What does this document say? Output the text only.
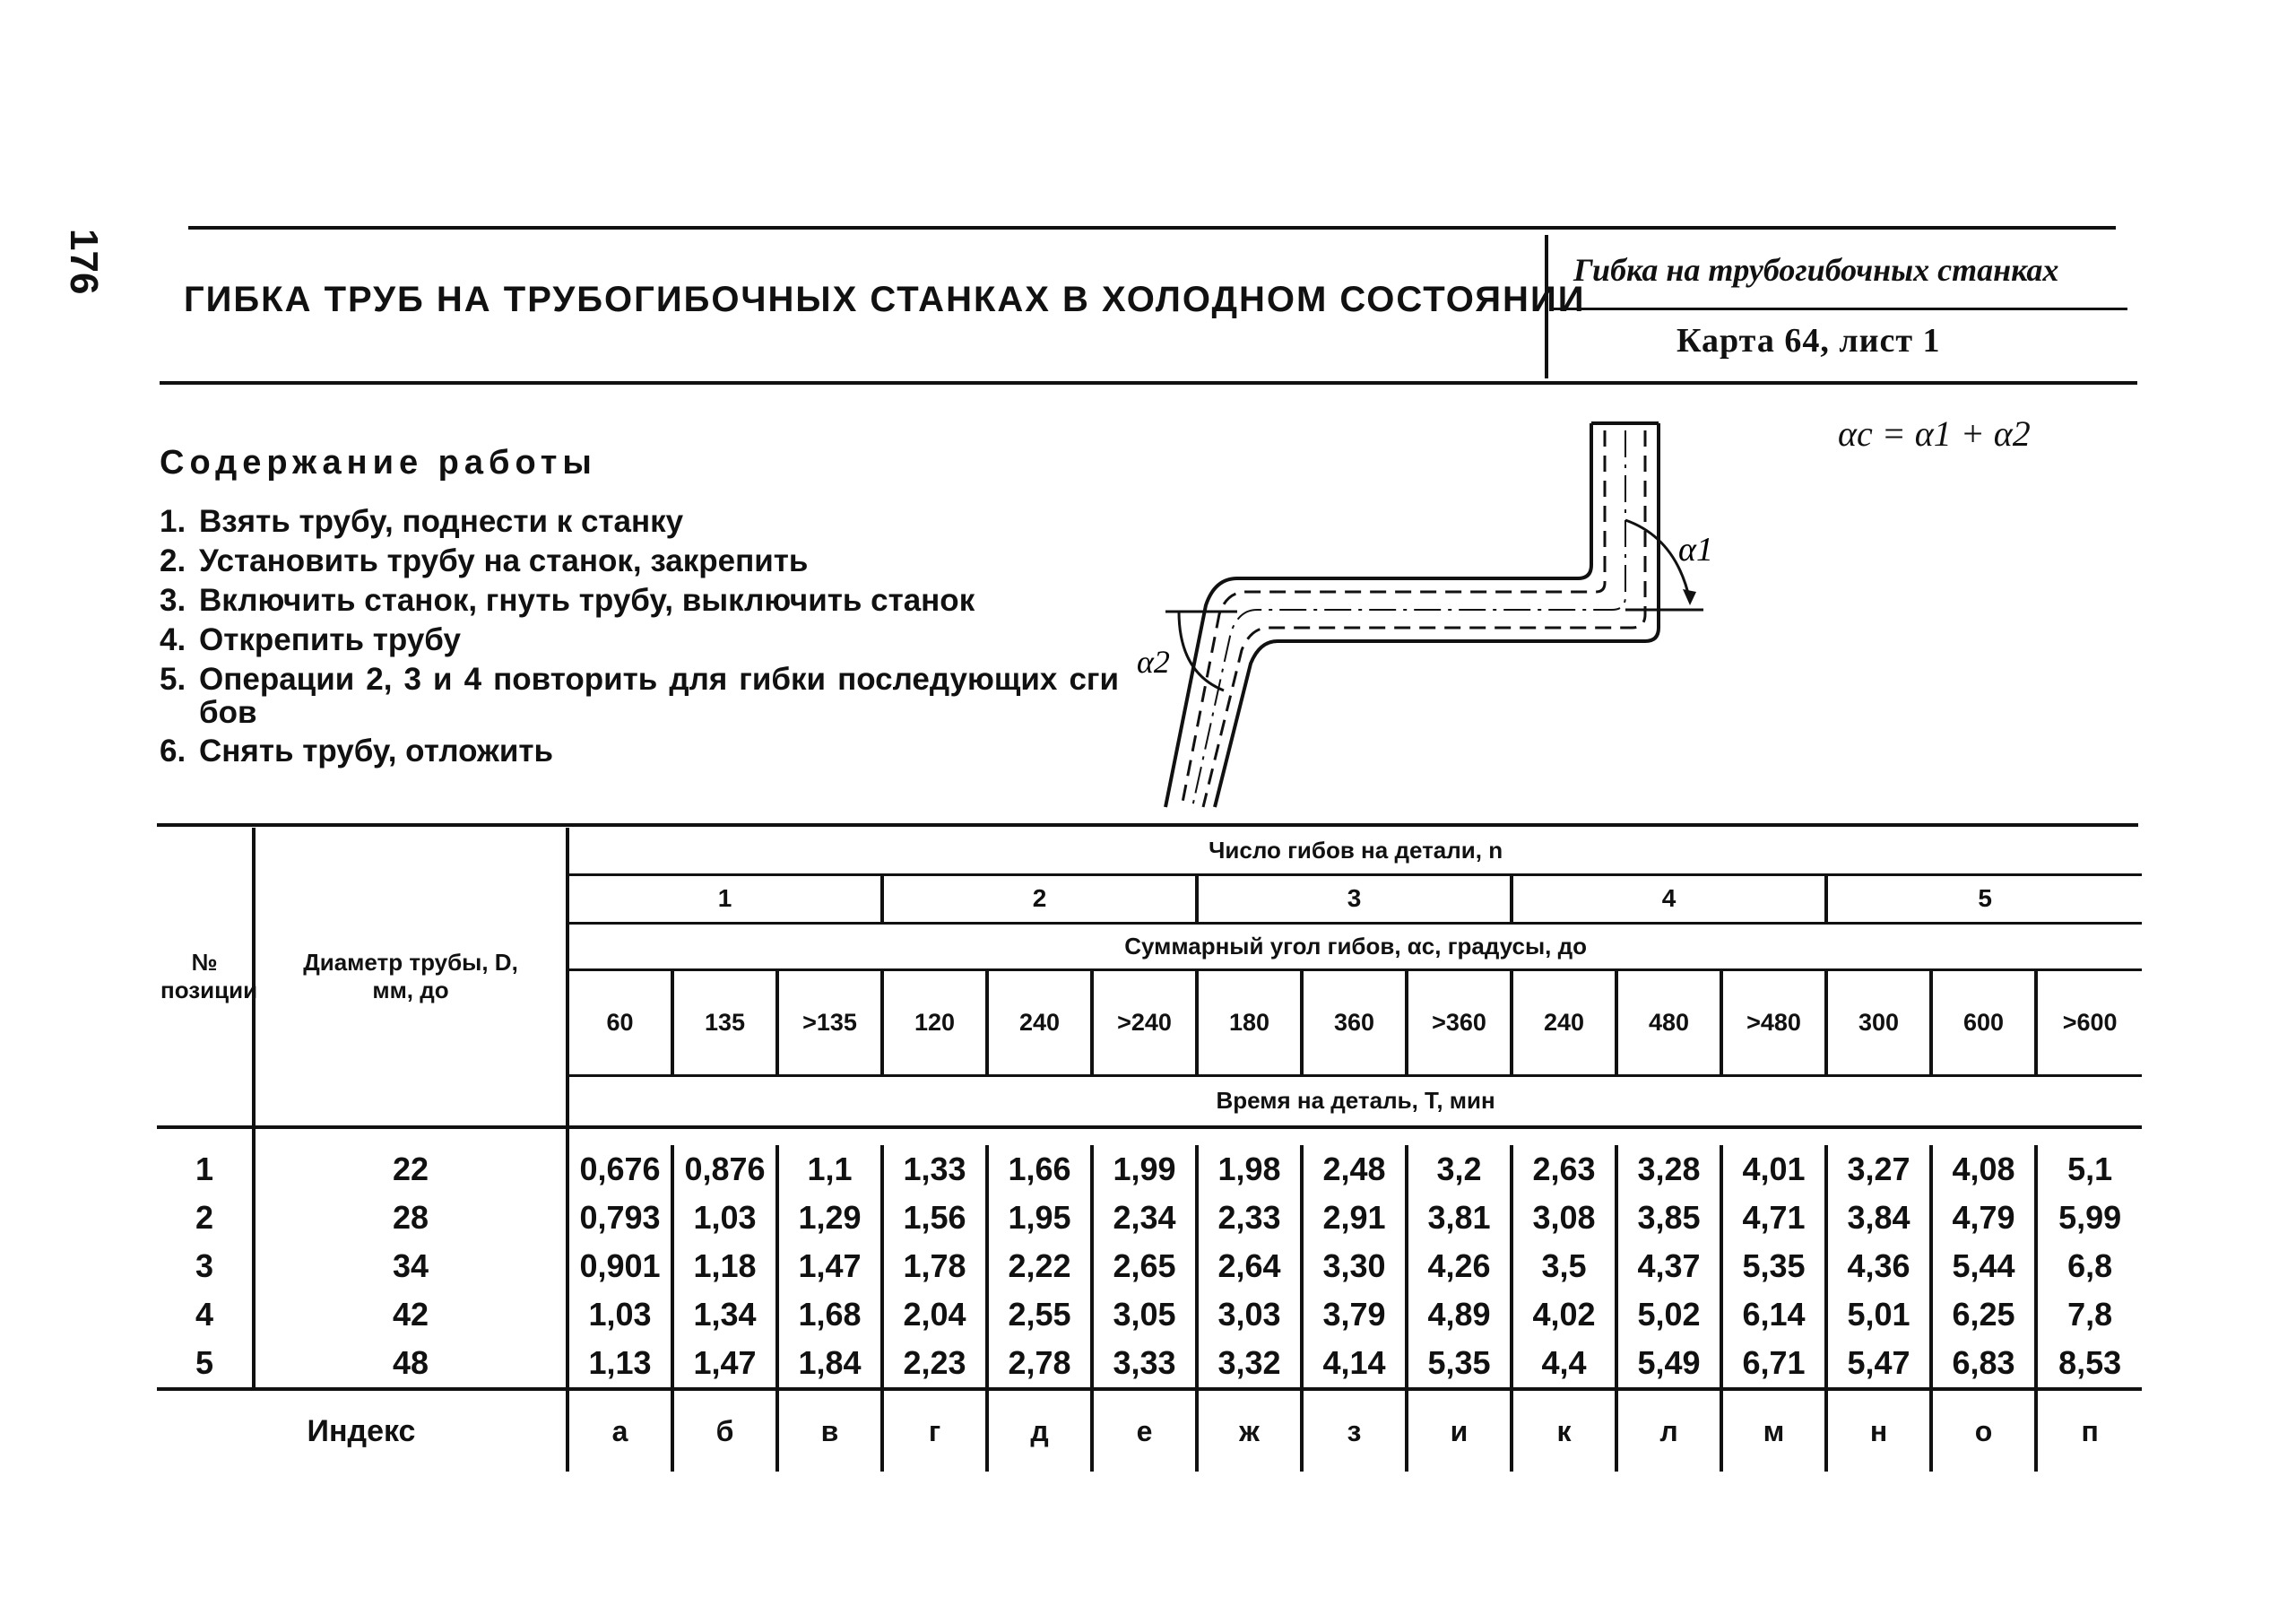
176
ГИБКА ТРУБ НА ТРУБОГИБОЧНЫХ СТАНКАХ В ХОЛОДНОМ СОСТОЯНИИ
Гибка на трубогибочных станках
Карта 64, лист 1
Содержание работы
1. Взять трубу, поднести к станку
2. Установить трубу на станок, закрепить
3. Включить станок, гнуть трубу, выключить станок
4. Открепить трубу
5. Операции 2, 3 и 4 повторить для гибки последующих сги
бов
6. Снять трубу, отложить
αс = α1 + α2
α1
α2
№ позиции	Диаметр трубы, D, мм, до	Число гибов на детали, n														
		1			2			3			4			5		
		Суммарный угол гибов, αс, градусы, до														
		60	135	>135	120	240	>240	180	360	>360	240	480	>480	300	600	>600
		Время на деталь, Т, мин														

1	22	0,676	0,876	1,1	1,33	1,66	1,99	1,98	2,48	3,2	2,63	3,28	4,01	3,27	4,08	5,1
2	28	0,793	1,03	1,29	1,56	1,95	2,34	2,33	2,91	3,81	3,08	3,85	4,71	3,84	4,79	5,99
3	34	0,901	1,18	1,47	1,78	2,22	2,65	2,64	3,30	4,26	3,5	4,37	5,35	4,36	5,44	6,8
4	42	1,03	1,34	1,68	2,04	2,55	3,05	3,03	3,79	4,89	4,02	5,02	6,14	5,01	6,25	7,8
5	48	1,13	1,47	1,84	2,23	2,78	3,33	3,32	4,14	5,35	4,4	5,49	6,71	5,47	6,83	8,53
Индекс		а	б	в	г	д	е	ж	з	и	к	л	м	н	о	п
